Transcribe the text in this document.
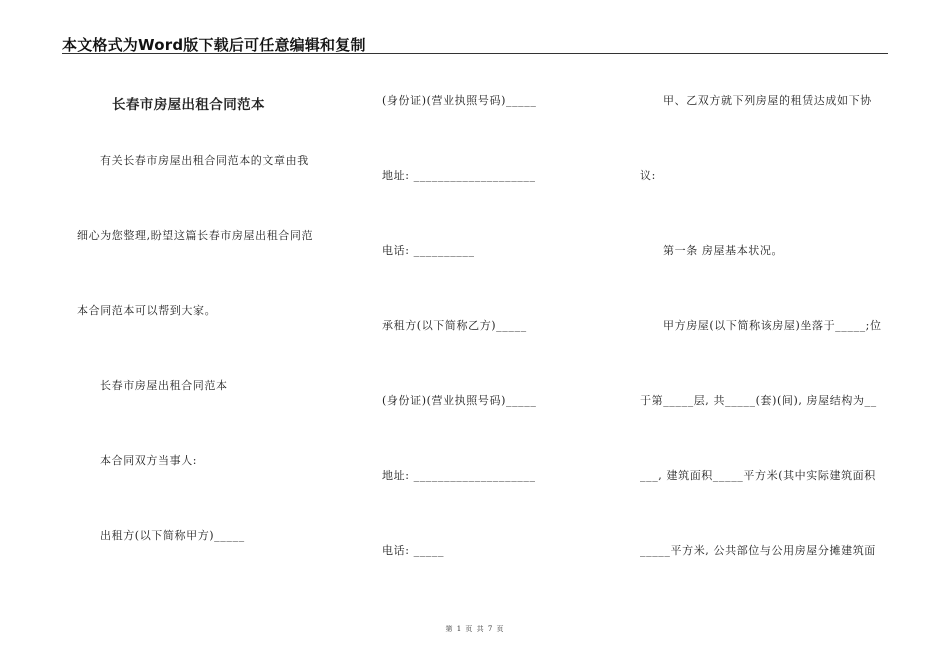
本文格式为Word版下载后可任意编辑和复制
长春市房屋出租合同范本
有关长春市房屋出租合同范本的文章由我
细心为您整理,盼望这篇长春市房屋出租合同范
本合同范本可以帮到大家。
长春市房屋出租合同范本
本合同双方当事人:
出租方(以下简称甲方)_____
(身份证)(营业执照号码)_____
地址: ____________________
电话: __________
承租方(以下简称乙方)_____
(身份证)(营业执照号码)_____
地址: ____________________
电话: _____
甲、乙双方就下列房屋的租赁达成如下协
议:
第一条 房屋基本状况。
甲方房屋(以下简称该房屋)坐落于_____;位
于第_____层, 共_____(套)(间), 房屋结构为__
___, 建筑面积_____平方米(其中实际建筑面积
_____平方米, 公共部位与公用房屋分摊建筑面
第 1 页 共 7 页
